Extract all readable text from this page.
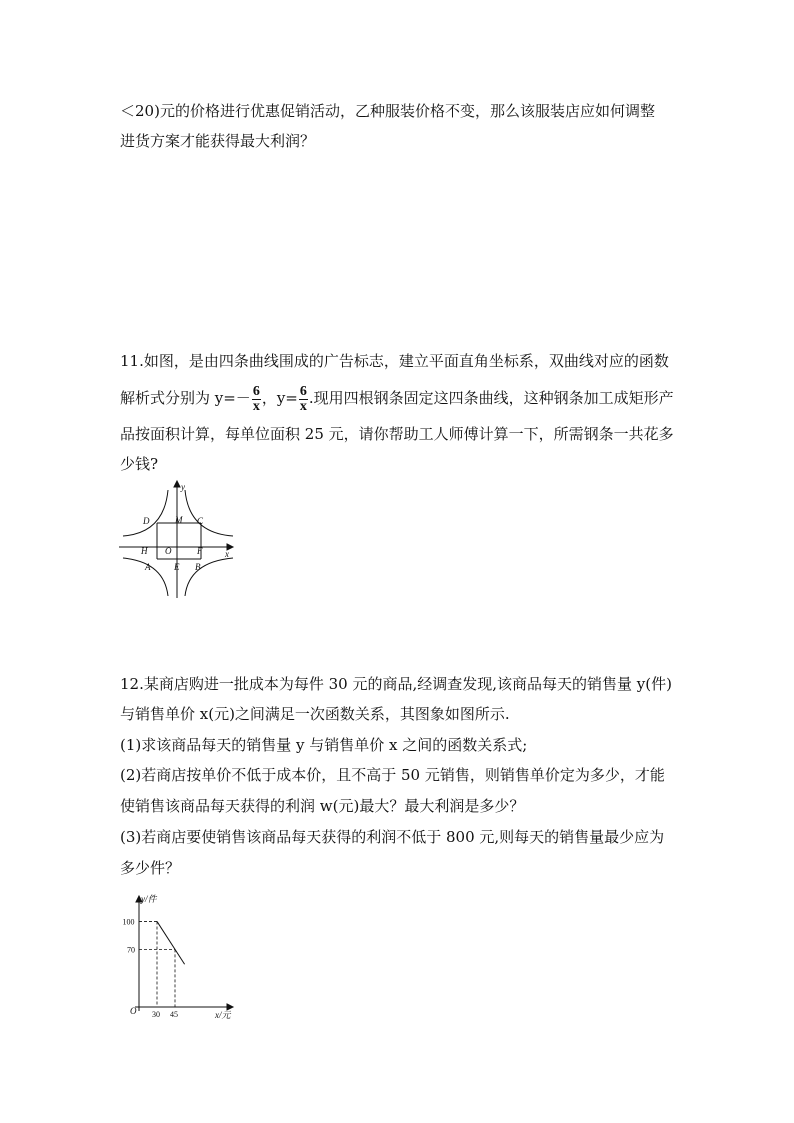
＜20)元的价格进行优惠促销活动，乙种服装价格不变，那么该服装店应如何调整
进货方案才能获得最大利润？
11.如图，是由四条曲线围成的广告标志，建立平面直角坐标系，双曲线对应的函数
解析式分别为 $y=- \frac{6}{x}$ ，$y= \frac{6}{x}$ .现用四根钢条固定这四条曲线，这种钢条加工成矩形产
品按面积计算，每单位面积 25 元，请你帮助工人师傅计算一下，所需钢条一共花多
少钱?
y
x
D	M C
H O	F
A	E B
12.某商店购进一批成本为每件 30 元的商品,经调查发现,该商品每天的销售量 y(件)
与销售单价 x(元)之间满足一次函数关系，其图象如图所示.
(1)求该商品每天的销售量 y 与销售单价 x 之间的函数关系式;
(2)若商店按单价不低于成本价，且不高于 50 元销售，则销售单价定为多少，才能
使销售该商品每天获得的利润 w(元)最大？最大利润是多少？
(3)若商店要使销售该商品每天获得的利润不低于 800 元,则每天的销售量最少应为
多少件？
30 45
100
70
y/件
x/元
O
